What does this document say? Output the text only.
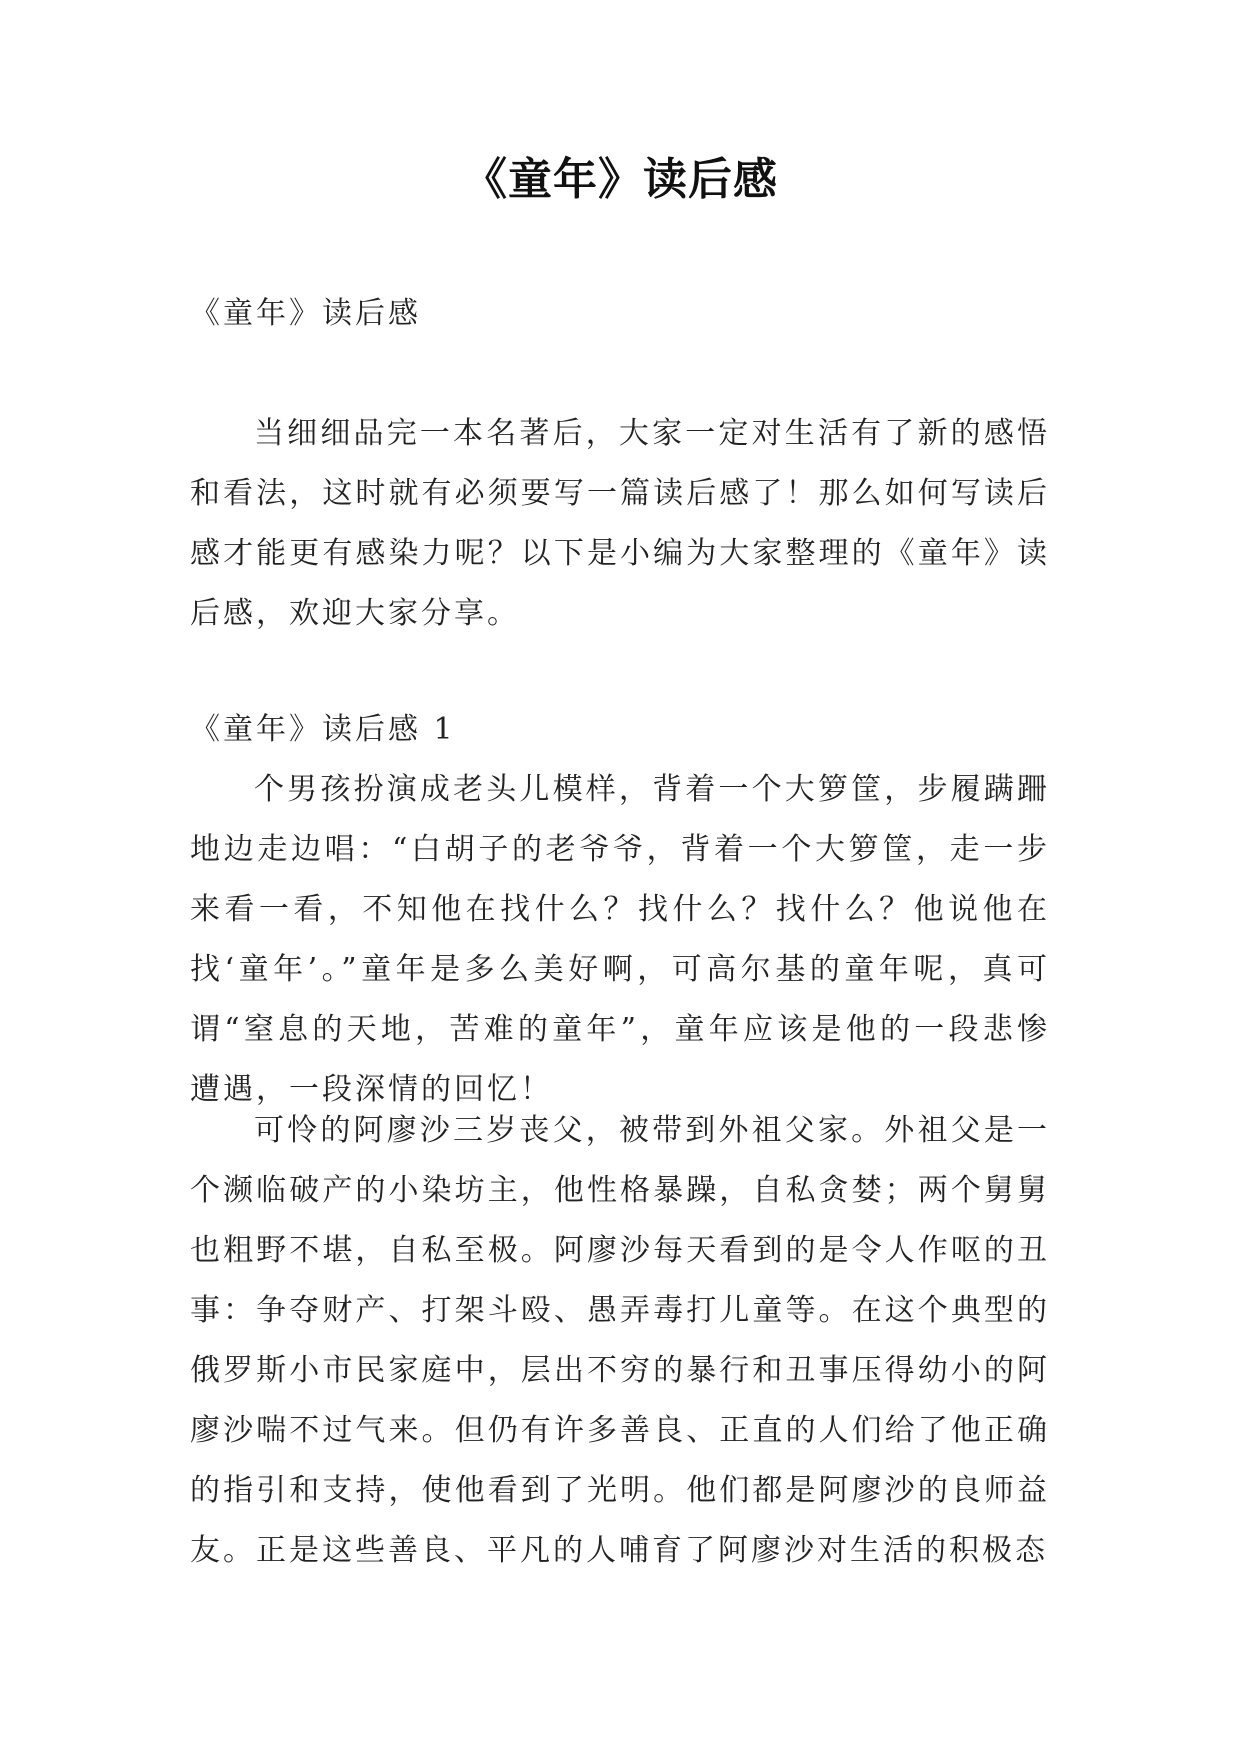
《童年》读后感

《童年》读后感

当细细品完一本名著后，大家一定对生活有了新的感悟和看法，这时就有必须要写一篇读后感了！那么如何写读后感才能更有感染力呢？以下是小编为大家整理的《童年》读后感，欢迎大家分享。

《童年》读后感 1

个男孩扮演成老头儿模样，背着一个大箩筐，步履蹒跚地边走边唱：“白胡子的老爷爷，背着一个大箩筐，走一步来看一看，不知他在找什么？找什么？找什么？他说他在找‘童年’。”童年是多么美好啊，可高尔基的童年呢，真可谓“窒息的天地，苦难的童年”，童年应该是他的一段悲惨遭遇，一段深情的回忆！

可怜的阿廖沙三岁丧父，被带到外祖父家。外祖父是一个濒临破产的小染坊主，他性格暴躁，自私贪婪；两个舅舅也粗野不堪，自私至极。阿廖沙每天看到的是令人作呕的丑事：争夺财产、打架斗殴、愚弄毒打儿童等。在这个典型的俄罗斯小市民家庭中，层出不穷的暴行和丑事压得幼小的阿廖沙喘不过气来。但仍有许多善良、正直的人们给了他正确的指引和支持，使他看到了光明。他们都是阿廖沙的良师益友。正是这些善良、平凡的人哺育了阿廖沙对生活的积极态
